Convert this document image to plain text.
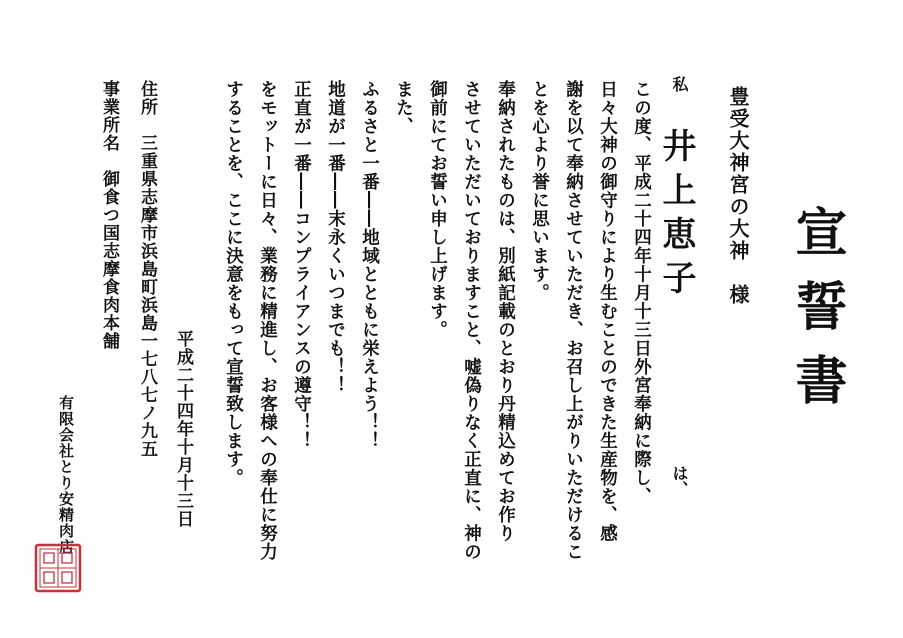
宣誓書
豊受大神宮の大神　様
私
井上恵子
は、
この度、平成二十四年十月十三日外宮奉納に際し、
日々大神の御守りにより生むことのできた生産物を、感
謝を以て奉納させていただき、お召し上がりいただけるこ
とを心より誉に思います。
奉納されたものは、別紙記載のとおり丹精込めてお作り
させていただいておりますこと、嘘偽りなく正直に、神の
御前にてお誓い申し上げます。
また、
ふるさと一番――地域とともに栄えよう！！
地道が一番――末永くいつまでも！！
正直が一番――コンプライアンスの遵守！！
をモットーに日々、業務に精進し、お客様への奉仕に努力
することを、ここに決意をもって宣誓致します。
平成二十四年十月十三日
住所　三重県志摩市浜島町浜島一七八七ノ九五
事業所名　御食つ国志摩食肉本舗
有限会社とり安精肉店
